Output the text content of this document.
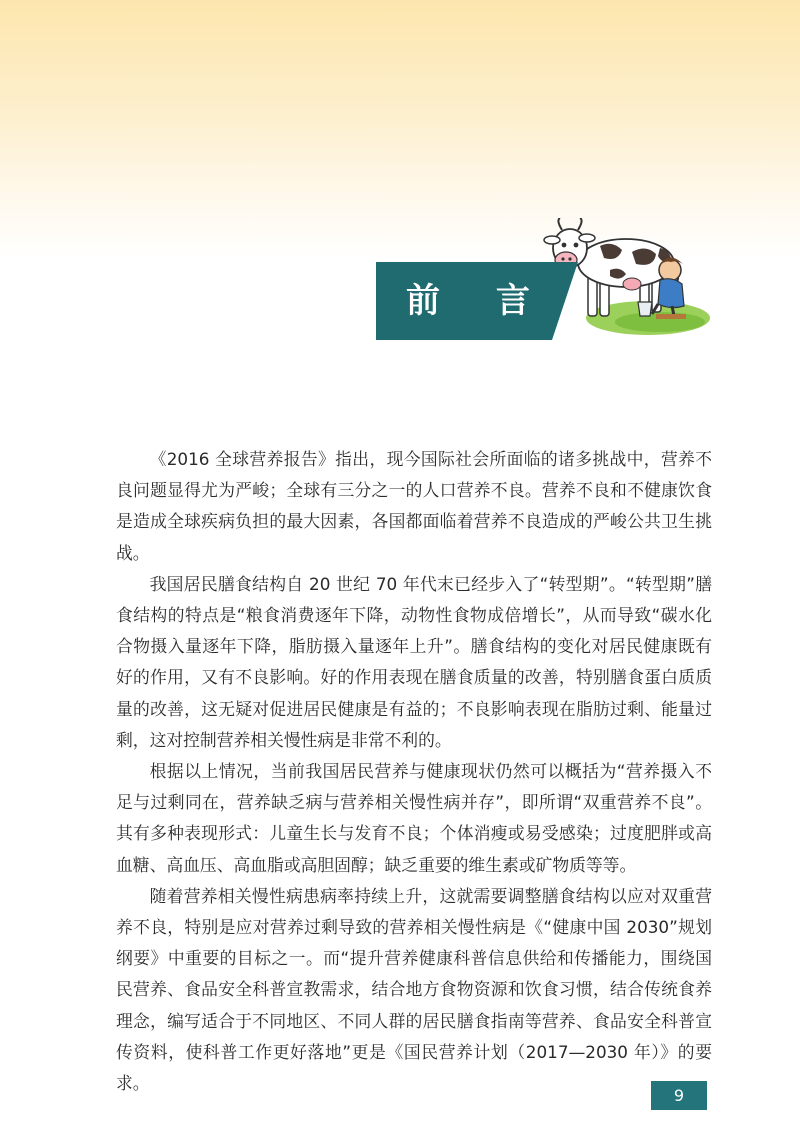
前 言

《2016 全球营养报告》指出，现今国际社会所面临的诸多挑战中，营养不良问题显得尤为严峻；全球有三分之一的人口营养不良。营养不良和不健康饮食是造成全球疾病负担的最大因素，各国都面临着营养不良造成的严峻公共卫生挑战。

我国居民膳食结构自 20 世纪 70 年代末已经步入了“转型期”。“转型期”膳食结构的特点是“粮食消费逐年下降，动物性食物成倍增长”，从而导致“碳水化合物摄入量逐年下降，脂肪摄入量逐年上升”。膳食结构的变化对居民健康既有好的作用，又有不良影响。好的作用表现在膳食质量的改善，特别膳食蛋白质质量的改善，这无疑对促进居民健康是有益的；不良影响表现在脂肪过剩、能量过剩，这对控制营养相关慢性病是非常不利的。

根据以上情况，当前我国居民营养与健康现状仍然可以概括为“营养摄入不足与过剩同在，营养缺乏病与营养相关慢性病并存”，即所谓“双重营养不良”。其有多种表现形式：儿童生长与发育不良；个体消瘦或易受感染；过度肥胖或高血糖、高血压、高血脂或高胆固醇；缺乏重要的维生素或矿物质等等。

随着营养相关慢性病患病率持续上升，这就需要调整膳食结构以应对双重营养不良，特别是应对营养过剩导致的营养相关慢性病是《“健康中国 2030”规划纲要》中重要的目标之一。而“提升营养健康科普信息供给和传播能力，围绕国民营养、食品安全科普宣教需求，结合地方食物资源和饮食习惯，结合传统食养理念，编写适合于不同地区、不同人群的居民膳食指南等营养、食品安全科普宣传资料，使科普工作更好落地”更是《国民营养计划（2017—2030 年）》的要求。

9
